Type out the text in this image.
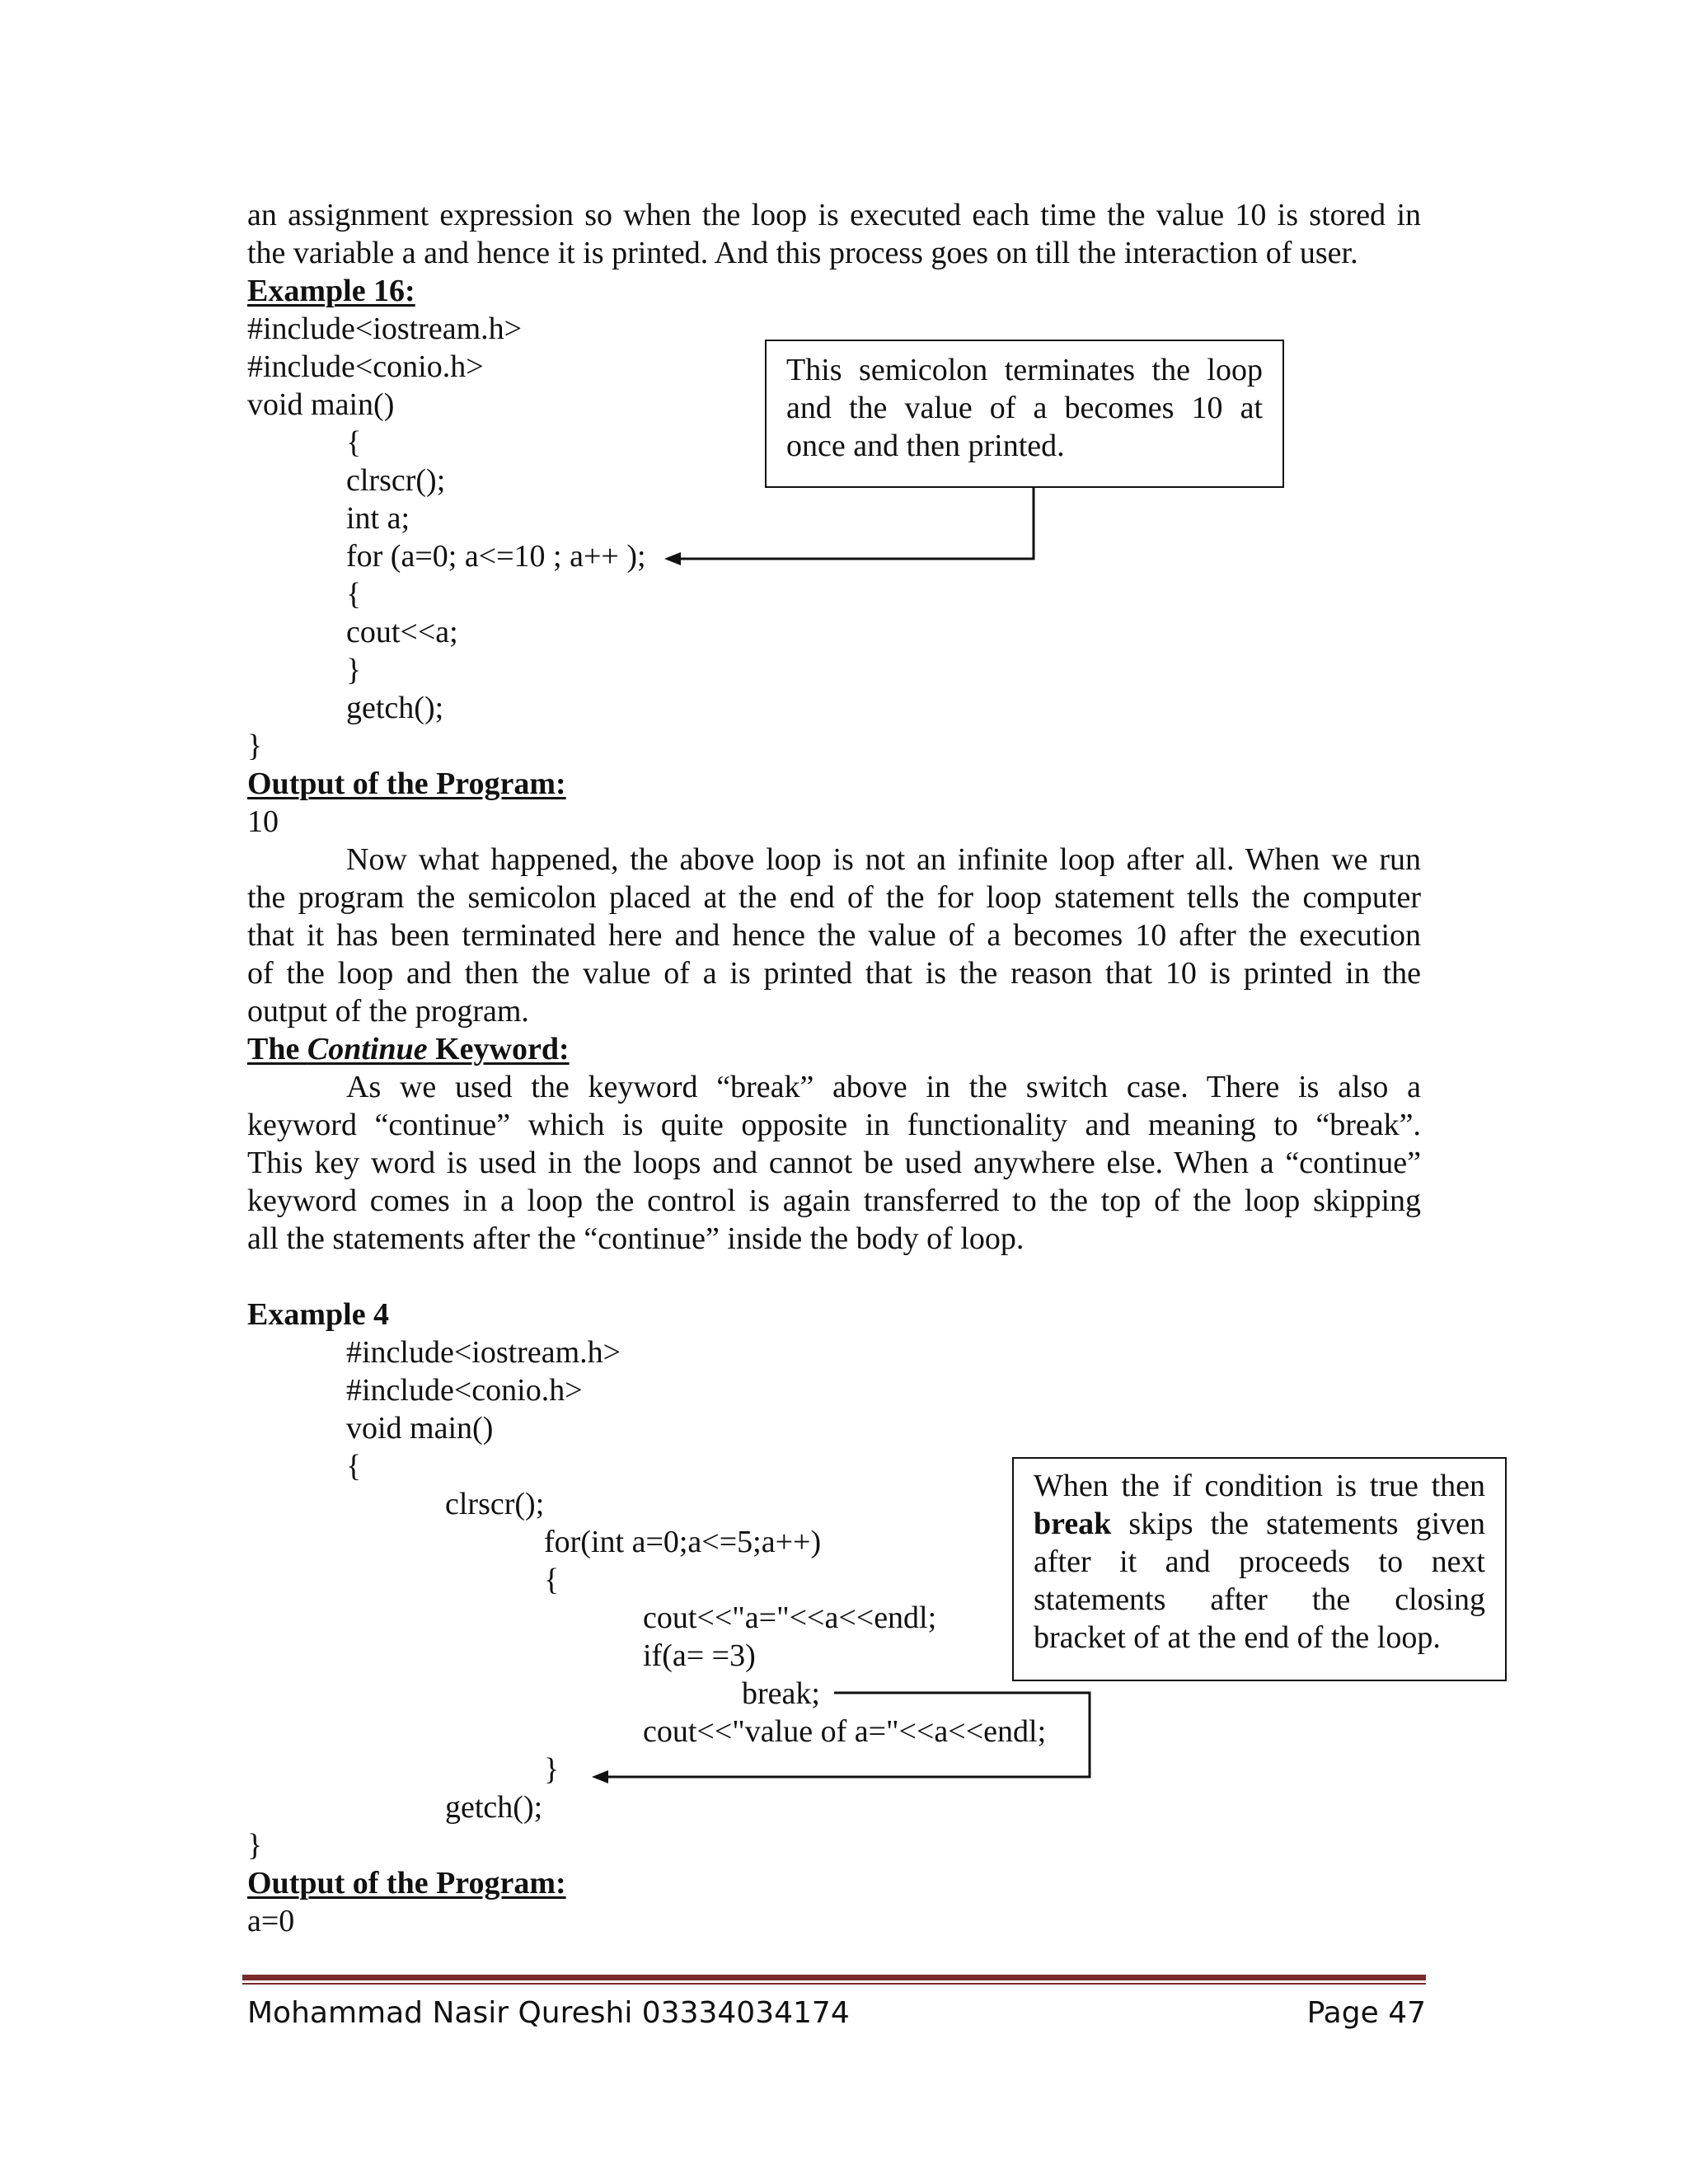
an assignment expression so when the loop is executed each time the value 10 is stored in
the variable a and hence it is printed. And this process goes on till the interaction of user.
Example 16:
#include<iostream.h>
#include<conio.h>
void main()
{
clrscr();
int a;
for (a=0; a<=10 ; a++ );
{
cout<<a;
}
getch();
}
This semicolon terminates the loop
and the value of a becomes 10 at
once and then printed.
Output of the Program:
10
Now what happened, the above loop is not an infinite loop after all. When we run
the program the semicolon placed at the end of the for loop statement tells the computer
that it has been terminated here and hence the value of a becomes 10 after the execution
of the loop and then the value of a is printed that is the reason that 10 is printed in the
output of the program.
The Continue Keyword:
As we used the keyword “break” above in the switch case. There is also a
keyword “continue” which is quite opposite in functionality and meaning to “break”.
This key word is used in the loops and cannot be used anywhere else. When a “continue”
keyword comes in a loop the control is again transferred to the top of the loop skipping
all the statements after the “continue” inside the body of loop.
Example 4
#include<iostream.h>
#include<conio.h>
void main()
{
clrscr();
for(int a=0;a<=5;a++)
{
cout<<"a="<<a<<endl;
if(a= =3)
break;
cout<<"value of a="<<a<<endl;
}
getch();
}
When the if condition is true then
break skips the statements given
after it and proceeds to next
statements after the closing
bracket of at the end of the loop.
Output of the Program:
a=0
Mohammad Nasir Qureshi 03334034174	Page 47
